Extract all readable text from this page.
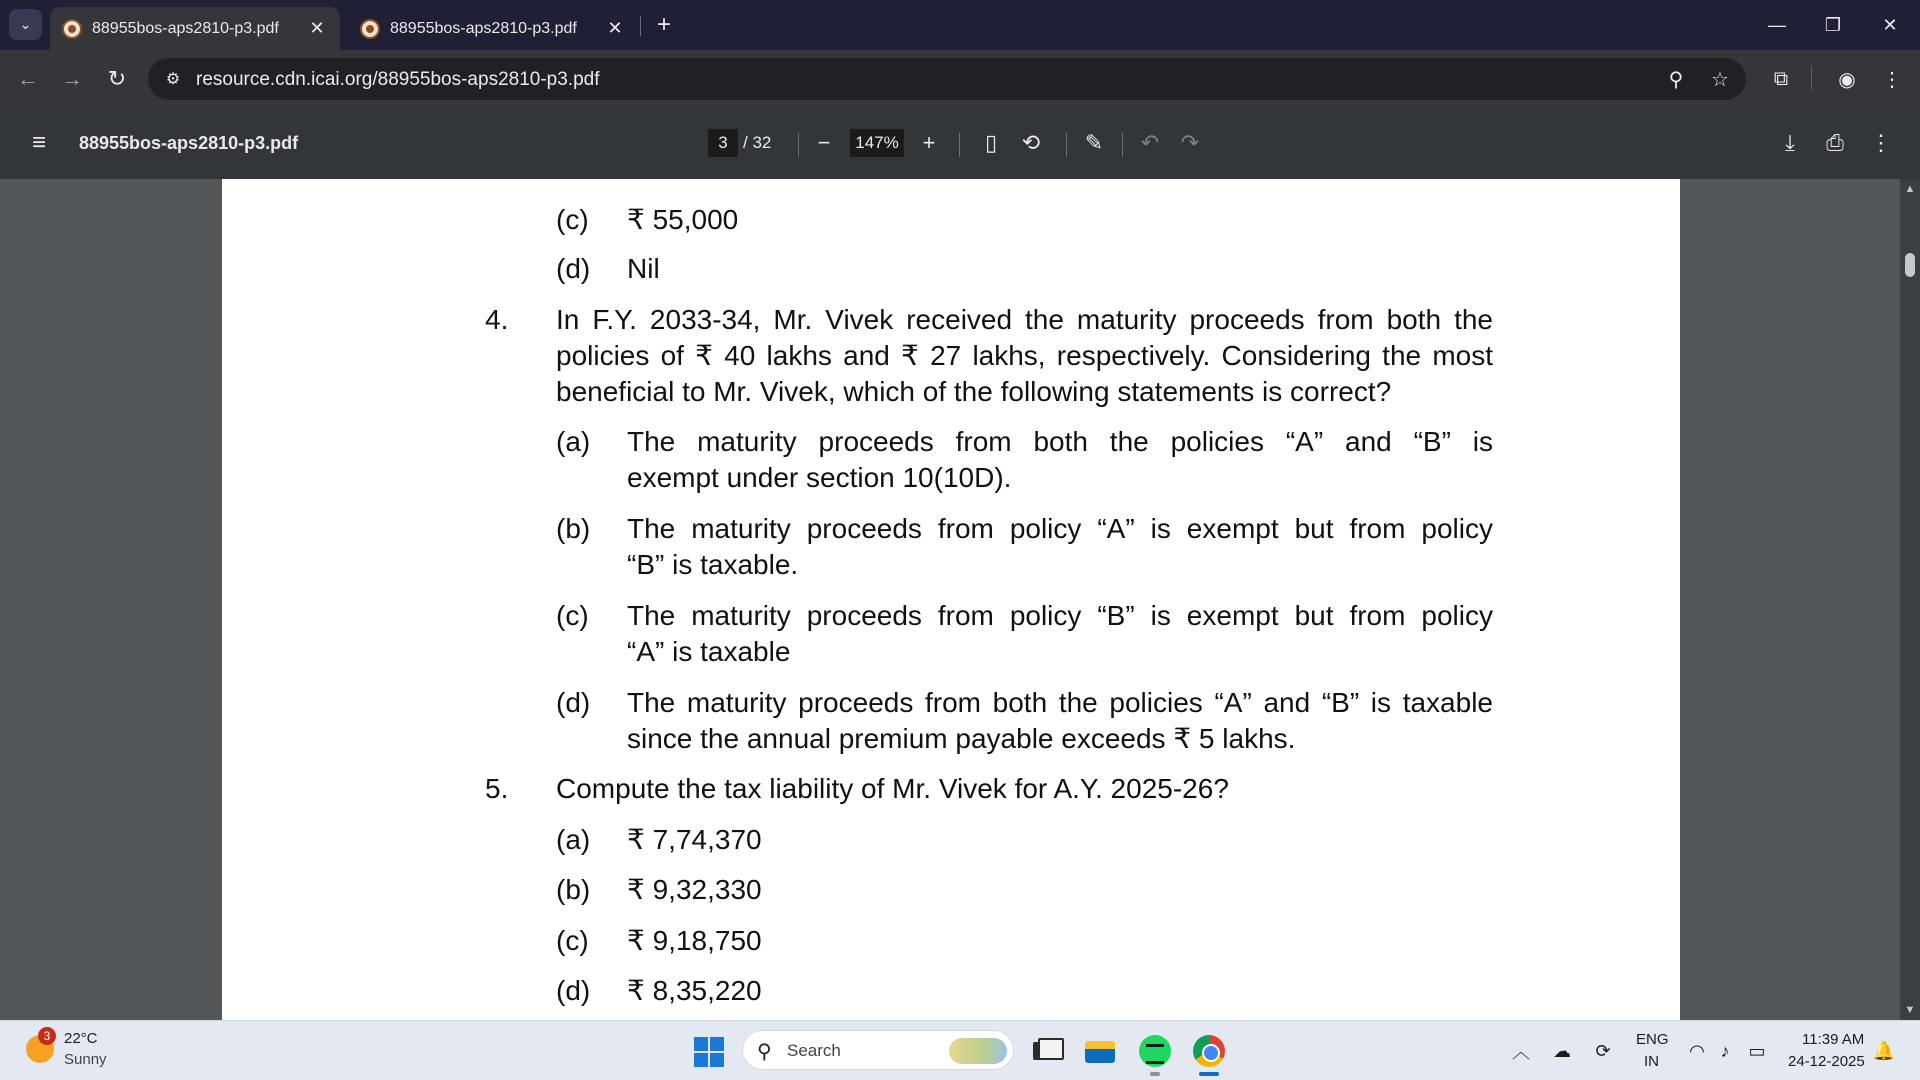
⌄	88955bos-aps2810-p3.pdf	✕	88955bos-aps2810-p3.pdf	✕ +	— ❐ ✕
← → ↻ ⚙ resource.cdn.icai.org/88955bos-aps2810-p3.pdf	⚲ ☆ ⧉	◉ ⋮
≡ 88955bos-aps2810-p3.pdf	3 / 32 −	147% + ▯ ⟲ ✎ ↶ ↷	⤓ ⎙ ⋮
(c) ₹ 55,000
(d) Nil
4. In F.Y. 2033-34, Mr. Vivek received the maturity proceeds from both the
policies of ₹ 40 lakhs and ₹ 27 lakhs, respectively. Considering the most
beneficial to Mr. Vivek, which of the following statements is correct?
(a) The maturity proceeds from both the policies “A” and “B” is
exempt under section 10(10D).
(b) The maturity proceeds from policy “A” is exempt but from policy
“B” is taxable.
(c) The maturity proceeds from policy “B” is exempt but from policy
“A” is taxable
(d) The maturity proceeds from both the policies “A” and “B” is taxable
since the annual premium payable exceeds ₹ 5 lakhs.
5. Compute the tax liability of Mr. Vivek for A.Y. 2025-26?
(a) ₹ 7,74,370
(b) ₹ 9,32,330
(c) ₹ 9,18,750
(d) ₹ 8,35,220
▲
▼
3 22°C
Sunny	⚲ Search	︿ ☁	⟳
ENG
IN
◠ ♪	▭
11:39 AM
24-12-2025
🔔
